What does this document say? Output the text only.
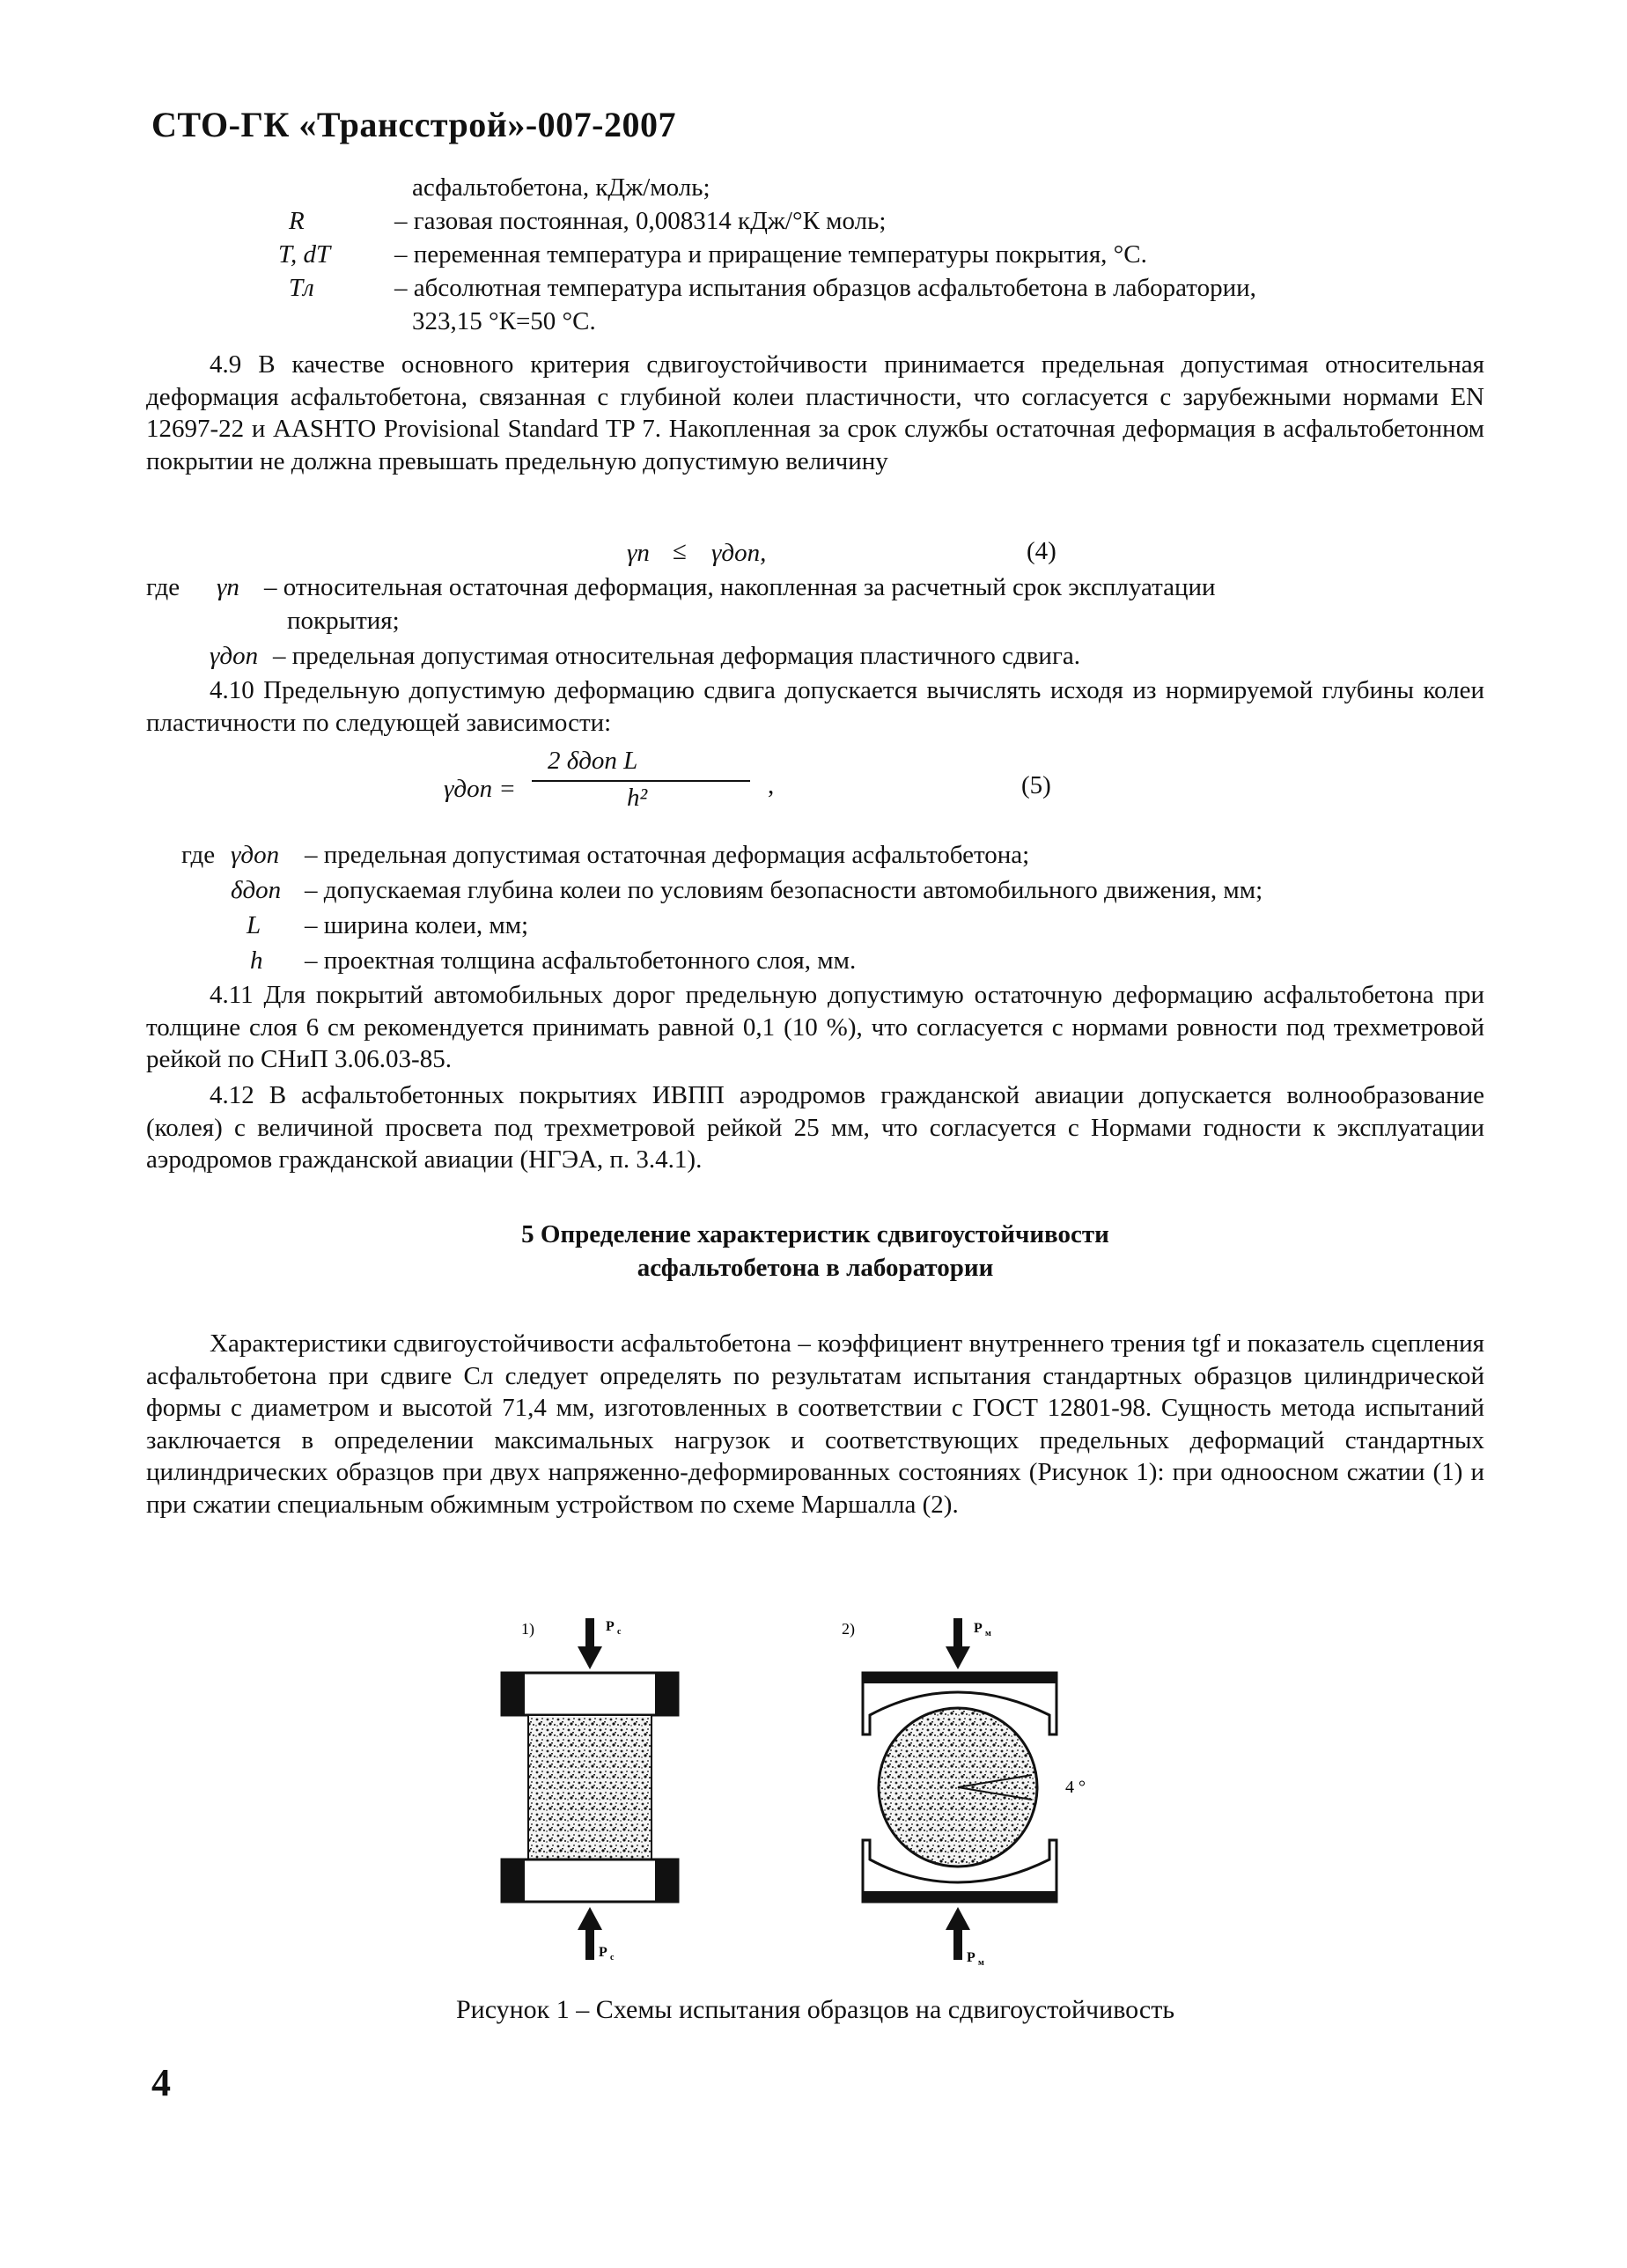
СТО-ГК «Трансстрой»-007-2007
асфальтобетона, кДж/моль;
R	– газовая постоянная, 0,008314 кДж/°К моль;
T, dT	– переменная температура и приращение температуры покрытия, °С.
Tл	– абсолютная температура испытания образцов асфальтобетона в лаборатории,
323,15 °К=50 °С.
4.9 В качестве основного критерия сдвигоустойчивости принимается предельная допустимая относительная деформация асфальтобетона, связанная с глубиной колеи пластичности, что согласуется с зарубежными нормами EN 12697-22 и AASHTO Provisional Standard TP 7. Накопленная за срок службы остаточная деформация в асфальтобетонном покрытии не должна превышать предельную допустимую величину
γn ≤ γдоп,	(4)
где γn – относительная остаточная деформация, накопленная за расчетный срок эксплуатации
покрытия;
γдоп – предельная допустимая относительная деформация пластичного сдвига.
4.10 Предельную допустимую деформацию сдвига допускается вычислять исходя из нормируемой глубины колеи пластичности по следующей зависимости:
γдоп =
2 δдоп L
h²	,	(5)
где γдоп – предельная допустимая остаточная деформация асфальтобетона;
δдоп – допускаемая глубина колеи по условиям безопасности автомобильного движения, мм;
L – ширина колеи, мм;
h – проектная толщина асфальтобетонного слоя, мм.
4.11 Для покрытий автомобильных дорог предельную допустимую остаточную деформацию асфальтобетона при толщине слоя 6 см рекомендуется принимать равной 0,1 (10 %), что согласуется с нормами ровности под трехметровой рейкой по СНиП 3.06.03-85.
4.12 В асфальтобетонных покрытиях ИВПП аэродромов гражданской авиации допускается волнообразование (колея) с величиной просвета под трехметровой рейкой 25 мм, что согласуется с Нормами годности к эксплуатации аэродромов гражданской авиации (НГЭА, п. 3.4.1).
5 Определение характеристик сдвигоустойчивости
асфальтобетона в лаборатории
Характеристики сдвигоустойчивости асфальтобетона – коэффициент внутреннего трения tgf и показатель сцепления асфальтобетона при сдвиге Сл следует определять по результатам испытания стандартных образцов цилиндрической формы с диаметром и высотой 71,4 мм, изготовленных в соответствии с ГОСТ 12801-98. Сущность метода испытаний заключается в определении максимальных нагрузок и соответствующих предельных деформаций стандартных цилиндрических образцов при двух напряженно-деформированных состояниях (Рисунок 1): при одноосном сжатии (1) и при сжатии специальным обжимным устройством по схеме Маршалла (2).
1)	P c
P c
2)	P м
4 °
P м
Рисунок 1 – Схемы испытания образцов на сдвигоустойчивость
4
